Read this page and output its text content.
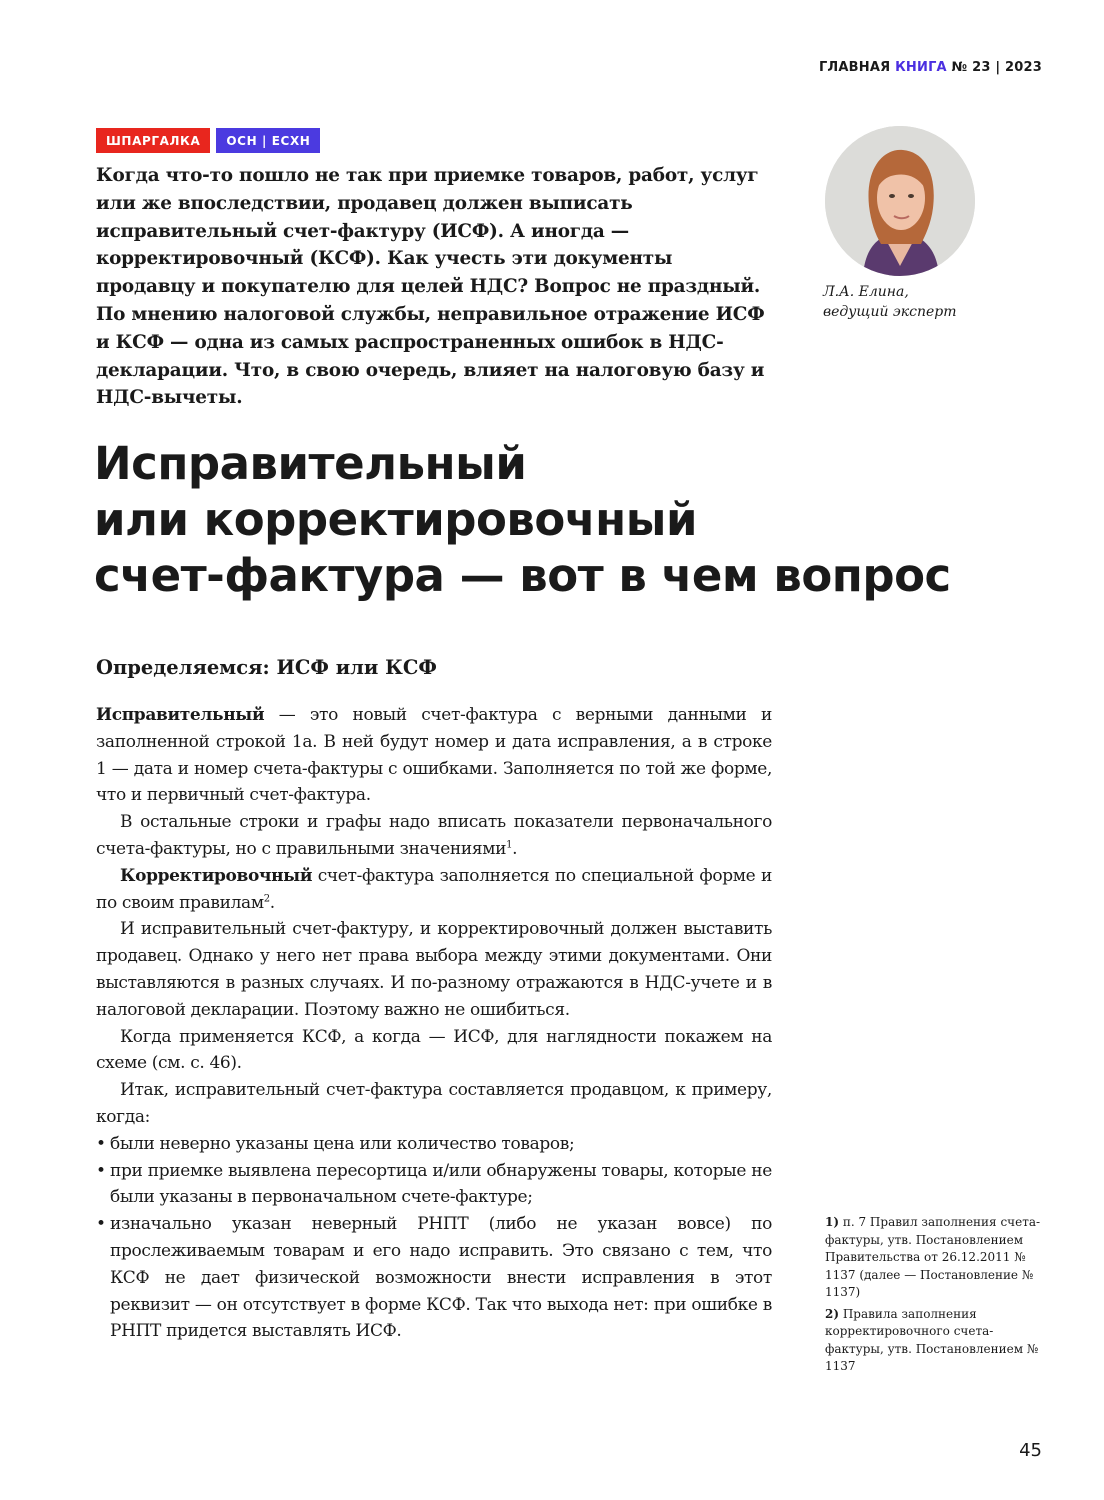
ГЛАВНАЯ КНИГА № 23 | 2023
ШПАРГАЛКА	ОСН | ЕСХН

Когда что-то пошло не так при приемке товаров, работ, услуг или же впоследствии, продавец должен выписать исправительный счет-фактуру (ИСФ). А иногда — корректировочный (КСФ). Как учесть эти документы продавцу и покупателю для целей НДС? Вопрос не праздный. По мнению налоговой службы, неправильное отражение ИСФ и КСФ — одна из самых распространенных ошибок в НДС-декларации. Что, в свою очередь, влияет на налоговую базу и НДС-вычеты.

Л.А. Елина,
ведущий эксперт
Исправительный
или корректировочный
счет-фактура — вот в чем вопрос
Определяемся: ИСФ или КСФ

Исправительный — это новый счет-фактура с верными данными и заполненной строкой 1а. В ней будут номер и дата исправления, а в строке 1 — дата и номер счета-фактуры с ошибками. Заполняется по той же форме, что и первичный счет-фактура.

В остальные строки и графы надо вписать показатели первоначального счета-фактуры, но с правильными значениями$^1$.

Корректировочный счет-фактура заполняется по специальной форме и по своим правилам$^2$.

И исправительный счет-фактуру, и корректировочный должен выставить продавец. Однако у него нет права выбора между этими документами. Они выставляются в разных случаях. И по-разному отражаются в НДС-учете и в налоговой декларации. Поэтому важно не ошибиться.

Когда применяется КСФ, а когда — ИСФ, для наглядности покажем на схеме (см. с. 46).

Итак, исправительный счет-фактура составляется продавцом, к примеру, когда:

• были неверно указаны цена или количество товаров;
• при приемке выявлена пересортица и/или обнаружены товары, которые не были указаны в первоначальном счете-фактуре;
• изначально указан неверный РНПТ (либо не указан вовсе) по прослеживаемым товарам и его надо исправить. Это связано с тем, что КСФ не дает физической возможности внести исправления в этот реквизит — он отсутствует в форме КСФ. Так что выхода нет: при ошибке в РНПТ придется выставлять ИСФ.

1) п. 7 Правил заполнения счета-фактуры, утв. Постановлением Правительства от 26.12.2011 № 1137 (далее — Постановление № 1137)

2) Правила заполнения корректировочного счета-фактуры, утв. Постановлением № 1137

45
